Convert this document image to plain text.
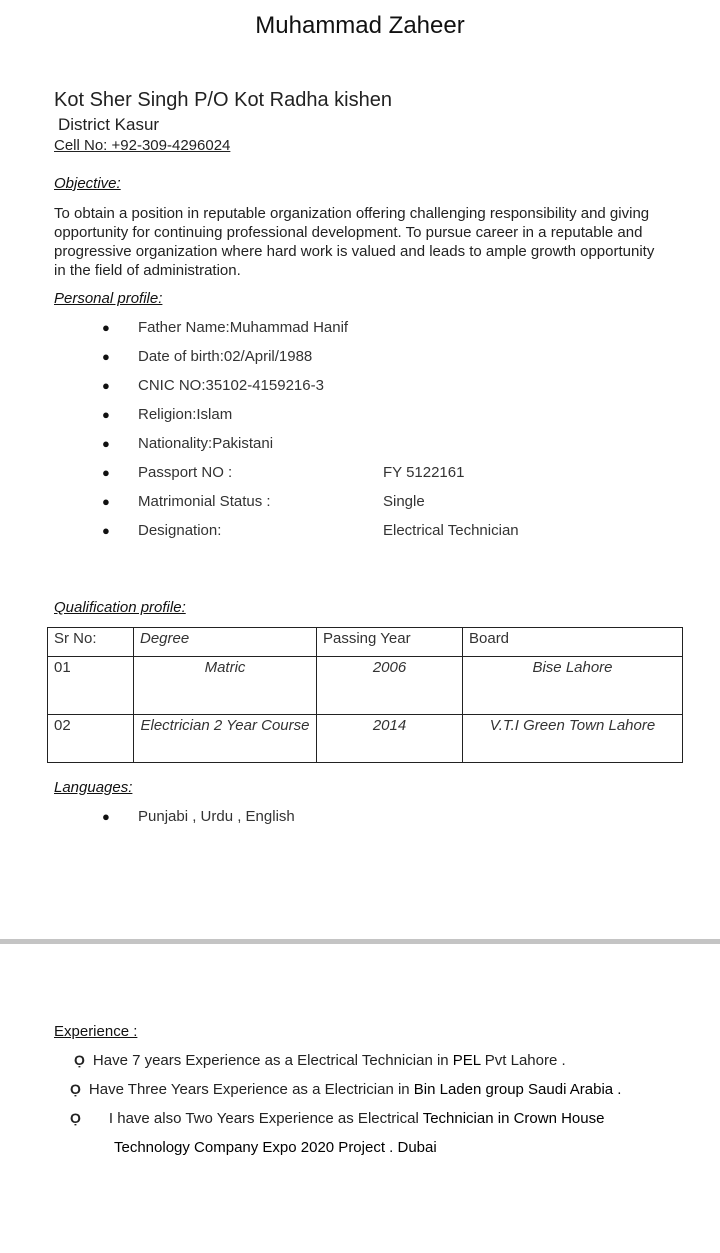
Muhammad Zaheer
Kot Sher Singh P/O Kot Radha kishen
District Kasur
Cell No: +92-309-4296024
Objective:
To obtain a position in reputable organization offering challenging responsibility and giving opportunity for continuing professional development. To pursue career in a reputable and progressive organization where hard work is valued and leads to ample growth opportunity in the field of administration.
Personal profile:
● Father Name:Muhammad Hanif
● Date of birth:02/April/1988
● CNIC NO:35102-4159216-3
● Religion:Islam
● Nationality:Pakistani
● Passport NO :	FY 5122161
● Matrimonial Status :	Single
● Designation:	Electrical Technician
Qualification profile:
Sr No:	Degree	Passing Year	Board
01	Matric	2006	Bise Lahore
02	Electrician 2 Year Course	2014	V.T.I Green Town Lahore
Languages:
● Punjabi , Urdu , English
Experience :
Ọ Have 7 years Experience as a Electrical Technician in PEL Pvt Lahore .
Ọ Have Three Years Experience as a Electrician in Bin Laden group Saudi Arabia .
Ọ I have also Two Years Experience as Electrical Technician in Crown House
Technology Company Expo 2020 Project . Dubai
